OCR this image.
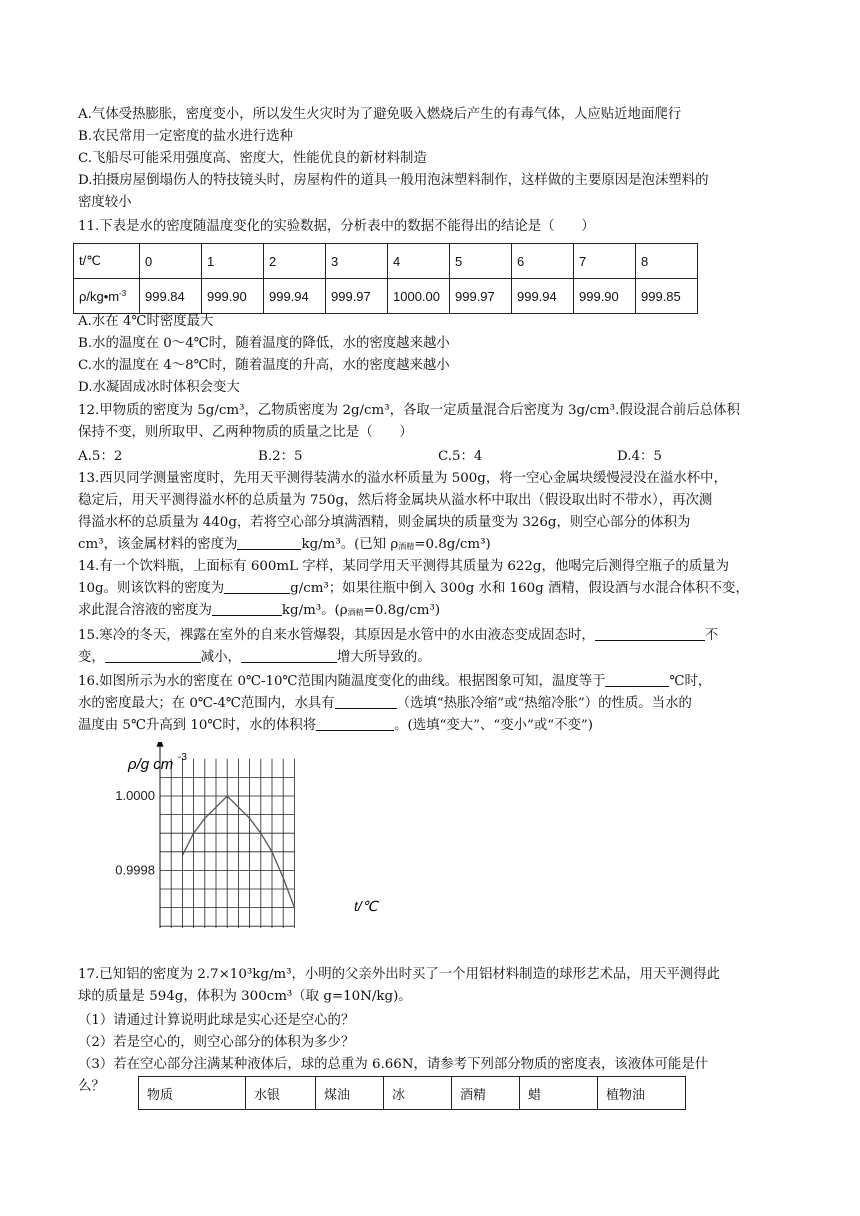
A.气体受热膨胀，密度变小，所以发生火灾时为了避免吸入燃烧后产生的有毒气体，人应贴近地面爬行

B.农民常用一定密度的盐水进行选种

C.飞船尽可能采用强度高、密度大，性能优良的新材料制造

D.拍摄房屋倒塌伤人的特技镜头时，房屋构件的道具一般用泡沫塑料制作，这样做的主要原因是泡沫塑料的

密度较小

11.下表是水的密度随温度变化的实验数据，分析表中的数据不能得出的结论是（　　）

t/℃	0	1	2	3	4	5	6	7	8
$\rho/kg•m^{-3}$	999.84	999.90	999.94	999.97	1000.00	999.97	999.94	999.90	999.85

A.水在 4℃时密度最大

B.水的温度在 0～4℃时，随着温度的降低，水的密度越来越小

C.水的温度在 4～8℃时，随着温度的升高，水的密度越来越小

D.水凝固成冰时体积会变大

12.甲物质的密度为 5g/cm³，乙物质密度为 2g/cm³，各取一定质量混合后密度为 3g/cm³.假设混合前后总体积

保持不变，则所取甲、乙两种物质的质量之比是（　　）

A.5：2	B.2：5	C.5：4	D.4：5

13.西贝同学测量密度时，先用天平测得装满水的溢水杯质量为 500g，将一空心金属块缓慢浸没在溢水杯中，

稳定后，用天平测得溢水杯的总质量为 750g，然后将金属块从溢水杯中取出（假设取出时不带水），再次测

得溢水杯的总质量为 440g，若将空心部分填满酒精，则金属块的质量变为 326g，则空心部分的体积为

cm³，该金属材料的密度为	kg/m³。(已知 ρ酒精=0.8g/cm³)

14.有一个饮料瓶，上面标有 600mL 字样，某同学用天平测得其质量为 622g，他喝完后测得空瓶子的质量为

10g。则该饮料的密度为	g/cm³；如果往瓶中倒入 300g 水和 160g 酒精，假设酒与水混合体积不变，

求此混合溶液的密度为	kg/m³。(ρ酒精=0.8g/cm³)

15.寒冷的冬天，裸露在室外的自来水管爆裂，其原因是水管中的水由液态变成固态时，	不

变，	减小，	增大所导致的。

16.如图所示为水的密度在 0℃-10℃范围内随温度变化的曲线。根据图象可知，温度等于	℃时，

水的密度最大；在 0℃-4℃范围内，水具有	（选填“热胀冷缩”或“热缩冷胀”）的性质。当水的

温度由 5℃升高到 10℃时，水的体积将	。(选填“变大”、“变小”或“不变”)

1.0000
0.9998
ρ/g cm -3
t/℃

17.已知铝的密度为 2.7×10³kg/m³，小明的父亲外出时买了一个用铝材料制造的球形艺术品，用天平测得此

球的质量是 594g，体积为 300cm³（取 g=10N/kg)。

（1）请通过计算说明此球是实心还是空心的？

（2）若是空心的，则空心部分的体积为多少？

（3）若在空心部分注满某种液体后，球的总重为 6.66N，请参考下列部分物质的密度表，该液体可能是什

么？

物质	水银	煤油	冰	酒精	蜡	植物油
